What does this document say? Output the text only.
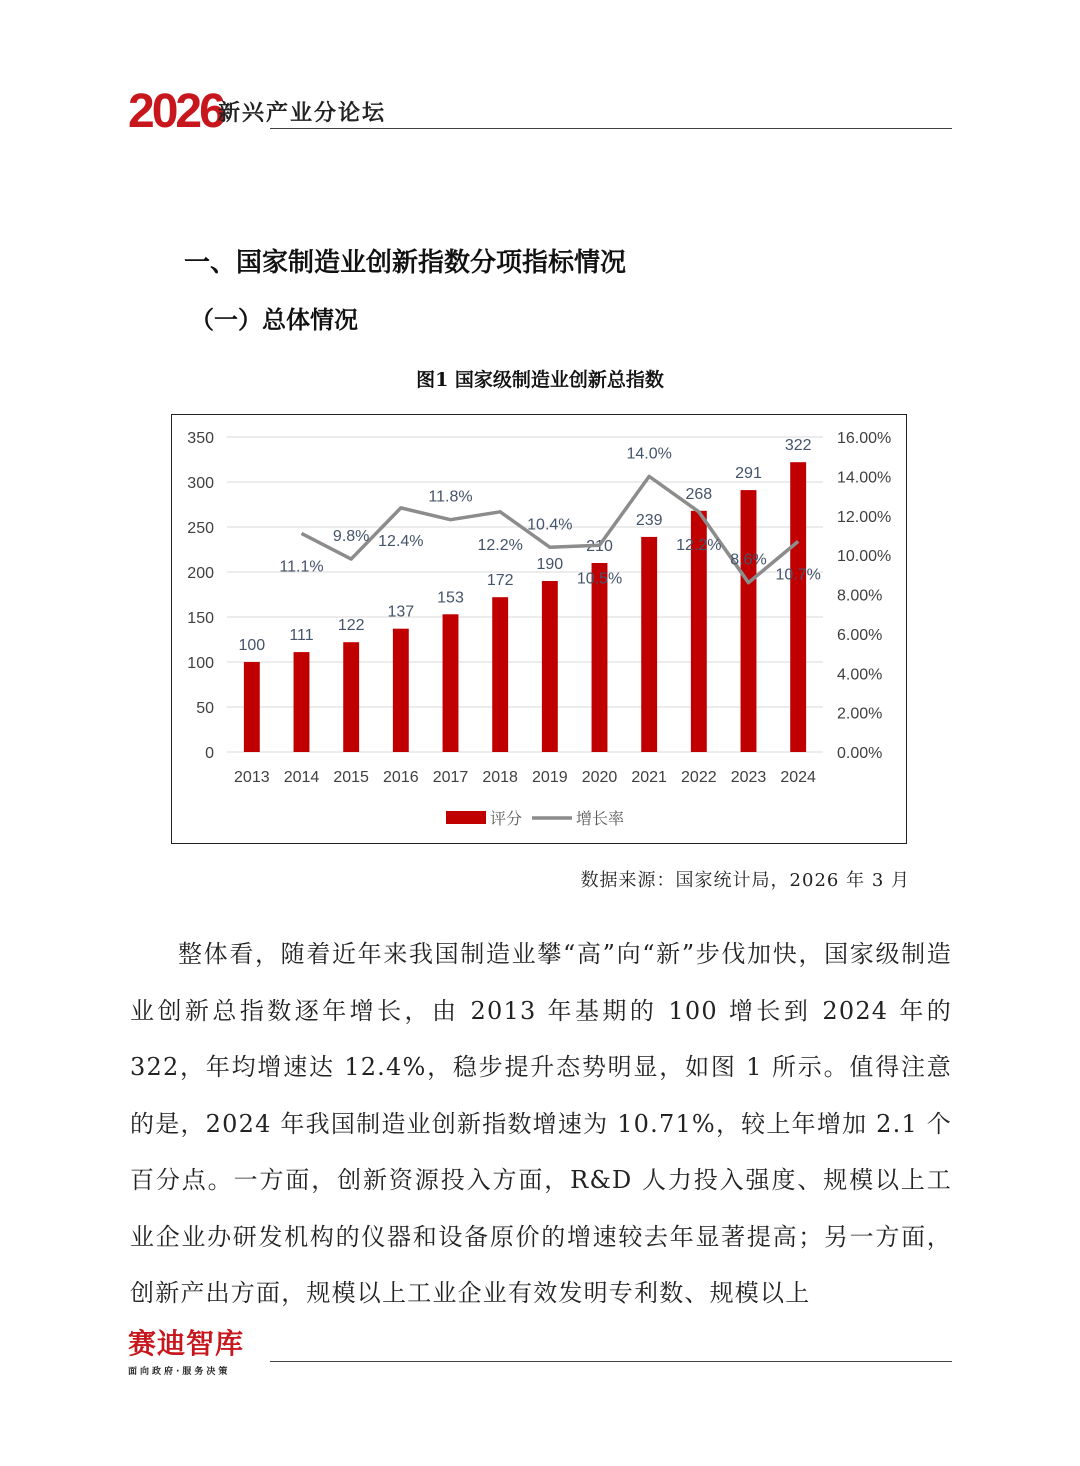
2026
新兴产业分论坛
一、国家制造业创新指数分项指标情况
（一）总体情况
图1 国家级制造业创新总指数
0
50
100
150
200
250
300
350
0.00%
2.00%
4.00%
6.00%
8.00%
10.00%
12.00%
14.00%
16.00%
2013 2014 2015 2016 2017 2018 2019 2020 2021 2022 2023 2024
100
111
122
137
153
172
190
210
239
268
291
322
11.1%
9.8% 12.4%
11.8%
12.2%
10.4%
10.5%
14.0%
12.2%
8.6%
10.7%
评分	增长率
数据来源：国家统计局，2026 年 3 月

整体看，随着近年来我国制造业攀“高”向“新”步伐加快，国家级制造业创新总指数逐年增长，由 2013 年基期的 100 增长到 2024 年的 322，年均增速达 12.4%，稳步提升态势明显，如图 1 所示。值得注意的是，2024 年我国制造业创新指数增速为 10.71%，较上年增加 2.1 个百分点。一方面，创新资源投入方面，R&D 人力投入强度、规模以上工业企业办研发机构的仪器和设备原价的增速较去年显著提高；另一方面，创新产出方面，规模以上工业企业有效发明专利数、规模以上

赛迪智库
面向政府·服务决策
